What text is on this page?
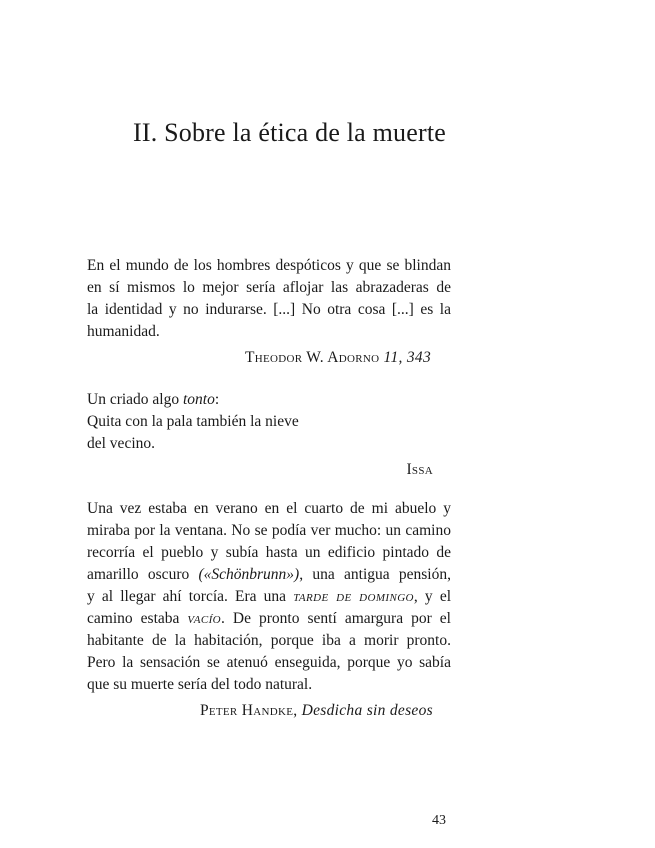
II. Sobre la ética de la muerte
En el mundo de los hombres despóticos y que se blindan
en sí mismos lo mejor sería aflojar las abrazaderas de
la identidad y no indurarse. [...] No otra cosa [...] es la
humanidad.
Theodor W. Adorno 11, 343
Un criado algo tonto:
Quita con la pala también la nieve
del vecino.
Issa
Una vez estaba en verano en el cuarto de mi abuelo y
miraba por la ventana. No se podía ver mucho: un camino
recorría el pueblo y subía hasta un edificio pintado de
amarillo oscuro («Schönbrunn»), una antigua pensión,
y al llegar ahí torcía. Era una tarde de domingo, y el
camino estaba vacío. De pronto sentí amargura por el
habitante de la habitación, porque iba a morir pronto.
Pero la sensación se atenuó enseguida, porque yo sabía
que su muerte sería del todo natural.
Peter Handke, Desdicha sin deseos
43
